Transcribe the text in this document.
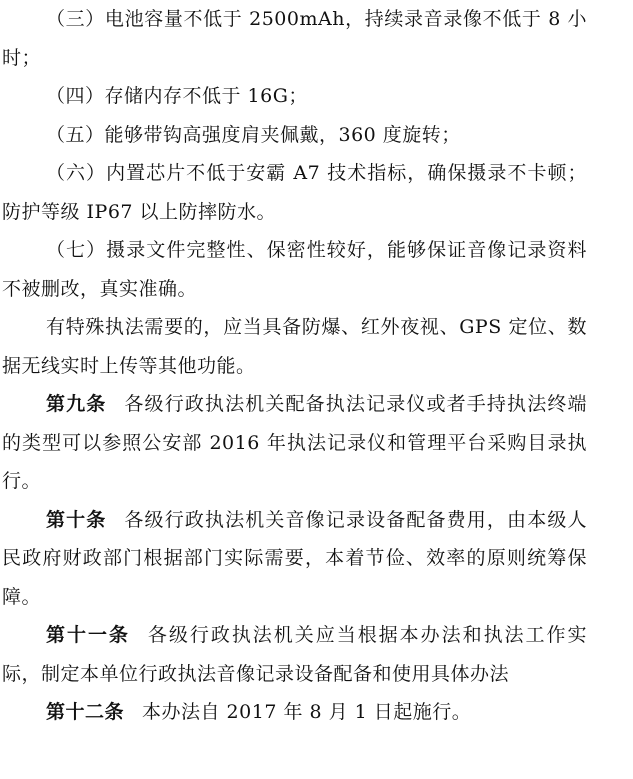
（三）电池容量不低于 2500mAh，持续录音录像不低于 8 小时；

（四）存储内存不低于 16G；

（五）能够带钩高强度肩夹佩戴，360 度旋转；

（六）内置芯片不低于安霸 A7 技术指标，确保摄录不卡顿；防护等级 IP67 以上防摔防水。

（七）摄录文件完整性、保密性较好，能够保证音像记录资料不被删改，真实准确。

有特殊执法需要的，应当具备防爆、红外夜视、GPS 定位、数据无线实时上传等其他功能。

第九条 各级行政执法机关配备执法记录仪或者手持执法终端的类型可以参照公安部 2016 年执法记录仪和管理平台采购目录执行。

第十条 各级行政执法机关音像记录设备配备费用，由本级人民政府财政部门根据部门实际需要，本着节俭、效率的原则统筹保障。

第十一条 各级行政执法机关应当根据本办法和执法工作实际，制定本单位行政执法音像记录设备配备和使用具体办法

第十二条 本办法自 2017 年 8 月 1 日起施行。
